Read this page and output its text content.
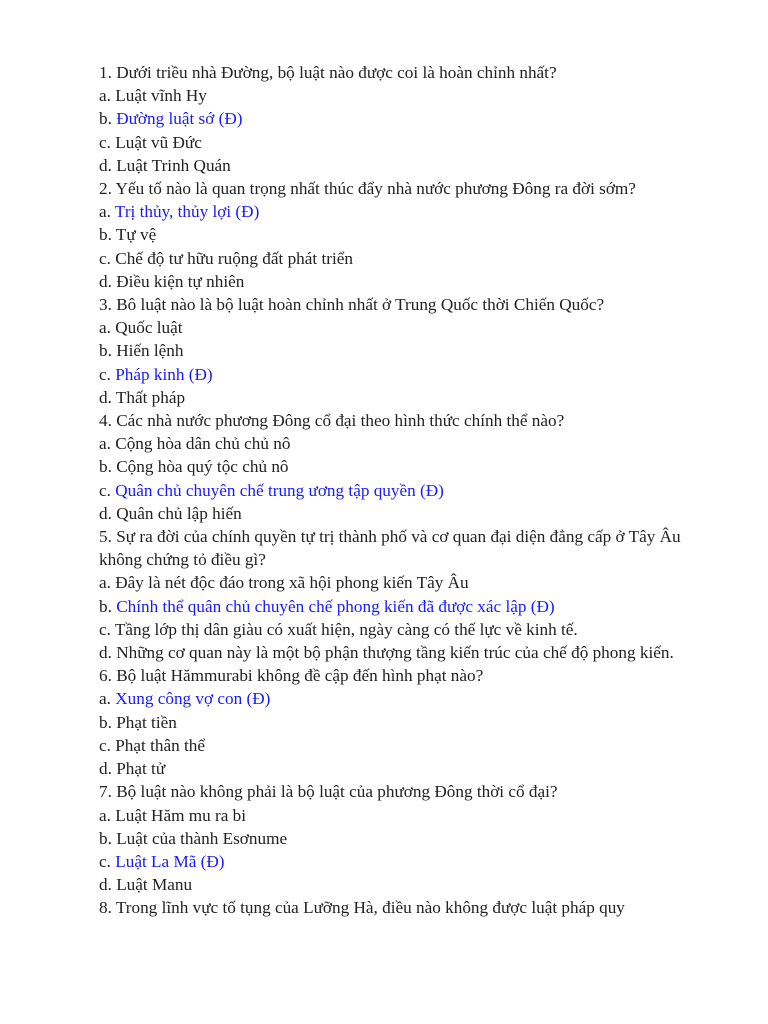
1. Dưới triều nhà Đường, bộ luật nào được coi là hoàn chỉnh nhất?
a. Luật vĩnh Hy
b. Đường luật sớ (Đ)
c. Luật vũ Đức
d. Luật Trinh Quán
2. Yếu tố nào là quan trọng nhất thúc đẩy nhà nước phương Đông ra đời sớm?
a. Trị thủy, thủy lợi (Đ)
b. Tự vệ
c. Chế độ tư hữu ruộng đất phát triển
d. Điều kiện tự nhiên
3. Bô luật nào là bộ luật hoàn chỉnh nhất ở Trung Quốc thời Chiến Quốc?
a. Quốc luật
b. Hiến lệnh
c. Pháp kinh (Đ)
d. Thất pháp
4. Các nhà nước phương Đông cổ đại theo hình thức chính thể nào?
a. Cộng hòa dân chủ chủ nô
b. Cộng hòa quý tộc chủ nô
c. Quân chủ chuyên chế trung ương tập quyền (Đ)
d. Quân chủ lập hiến
5. Sự ra đời của chính quyền tự trị thành phố và cơ quan đại diện đẳng cấp ở Tây Âu không chứng tỏ điều gì?
a. Đây là nét độc đáo trong xã hội phong kiến Tây Âu
b. Chính thể quân chủ chuyên chế phong kiến đã được xác lập (Đ)
c. Tầng lớp thị dân giàu có xuất hiện, ngày càng có thế lực về kinh tế.
d. Những cơ quan này là một bộ phận thượng tầng kiến trúc của chế độ phong kiến.
6. Bộ luật Hămmurabi không đề cập đến hình phạt nào?
a. Xung công vợ con (Đ)
b. Phạt tiền
c. Phạt thân thể
d. Phạt tử
7. Bộ luật nào không phải là bộ luật của phương Đông thời cổ đại?
a. Luật Hăm mu ra bi
b. Luật của thành Esơnume
c. Luật La Mã (Đ)
d. Luật Manu
8. Trong lĩnh vực tố tụng của Lưỡng Hà, điều nào không được luật pháp quy
